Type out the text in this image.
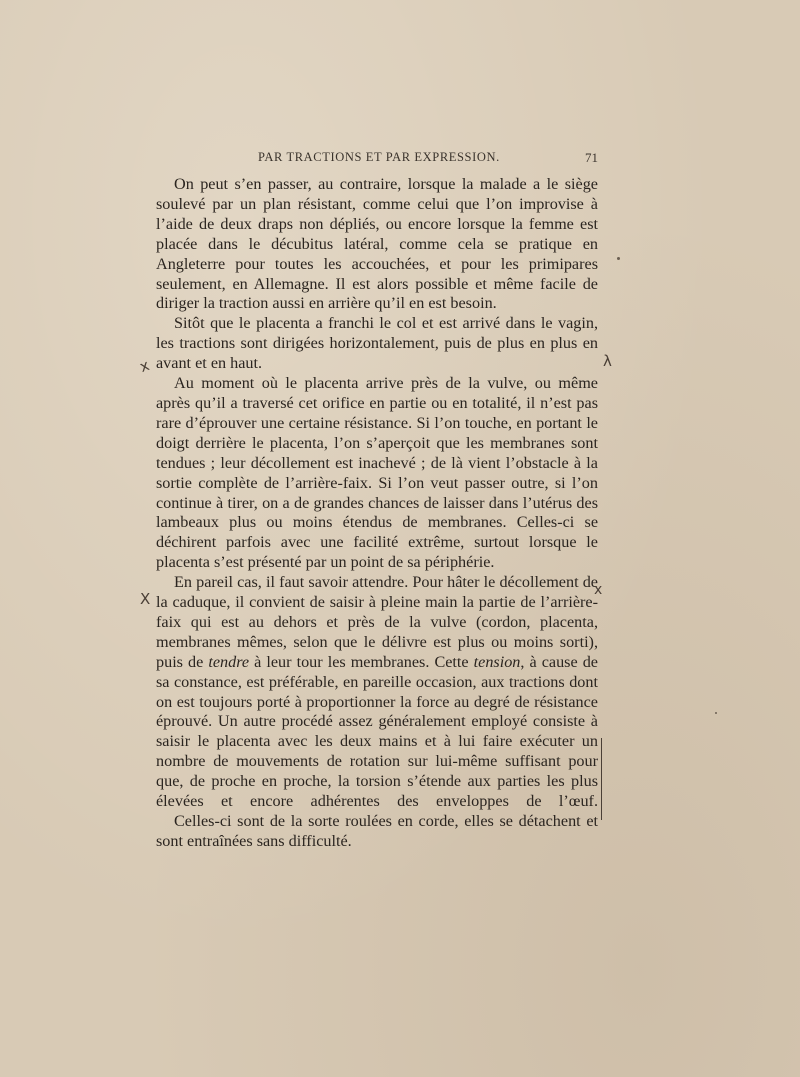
PAR TRACTIONS ET PAR EXPRESSION.	71

On peut s’en passer, au contraire, lorsque la malade a le siège soulevé par un plan résistant, comme celui que l’on improvise à l’aide de deux draps non dépliés, ou encore lorsque la femme est placée dans le décubitus latéral, comme cela se pratique en Angleterre pour toutes les accouchées, et pour les primipares seulement, en Allemagne. Il est alors possible et même facile de diriger la traction aussi en arrière qu’il en est besoin.

Sitôt que le placenta a franchi le col et est arrivé dans le vagin, les tractions sont dirigées horizontalement, puis de plus en plus en avant et en haut.

Au moment où le placenta arrive près de la vulve, ou même après qu’il a traversé cet orifice en partie ou en totalité, il n’est pas rare d’éprouver une certaine résistance. Si l’on touche, en portant le doigt derrière le placenta, l’on s’aperçoit que les membranes sont tendues ; leur décollement est inachevé ; de là vient l’obstacle à la sortie complète de l’arrière-faix. Si l’on veut passer outre, si l’on continue à tirer, on a de grandes chances de laisser dans l’utérus des lambeaux plus ou moins étendus de membranes. Celles-ci se déchirent parfois avec une facilité extrême, surtout lorsque le placenta s’est présenté par un point de sa périphérie.

En pareil cas, il faut savoir attendre. Pour hâter le décollement de la caduque, il convient de saisir à pleine main la partie de l’arrière-faix qui est au dehors et près de la vulve (cordon, placenta, membranes mêmes, selon que le délivre est plus ou moins sorti), puis de tendre à leur tour les membranes. Cette tension, à cause de sa constance, est préférable, en pareille occasion, aux tractions dont on est toujours porté à proportionner la force au degré de résistance éprouvé. Un autre procédé assez généralement employé consiste à saisir le placenta avec les deux mains et à lui faire exécuter un nombre de mouvements de rotation sur lui-même suffisant pour que, de proche en proche, la torsion s’étende aux parties les plus élevées et encore adhérentes des enveloppes de l’œuf.

Celles-ci sont de la sorte roulées en corde, elles se détachent et sont entraînées sans difficulté.

x	λ
X	x
